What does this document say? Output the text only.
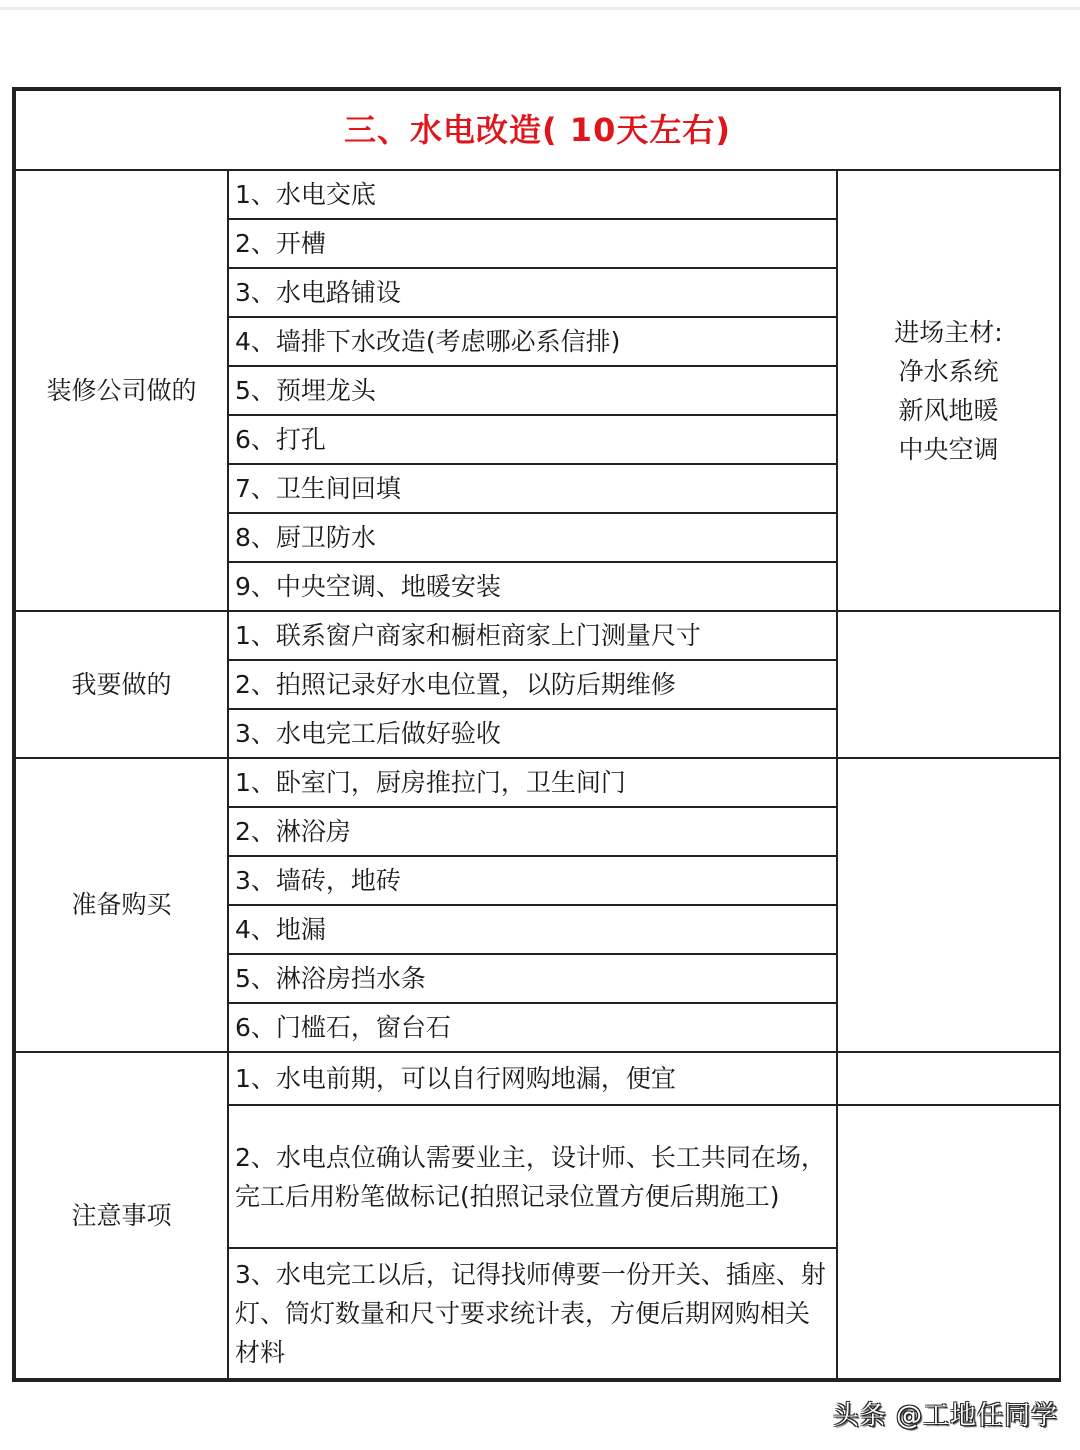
三、水电改造( 10天左右)		
装修公司做的	1、水电交底	进场主材:
净水系统
新风地暖
中央空调

	2、开槽	
	3、水电路铺设	
	4、墙排下水改造(考虑哪必系信排)	
	5、预埋龙头	
	6、打孔	
	7、卫生间回填	
	8、厨卫防水	
	9、中央空调、地暖安装	
我要做的	1、联系窗户商家和橱柜商家上门测量尺寸	
	2、拍照记录好水电位置，以防后期维修	
	3、水电完工后做好验收	
准备购买	1、卧室门，厨房推拉门，卫生间门	
	2、淋浴房	
	3、墙砖，地砖	
	4、地漏	
	5、淋浴房挡水条	
	6、门槛石，窗台石	
注意事项	1、水电前期，可以自行网购地漏，便宜	
	2、水电点位确认需要业主，设计师、长工共同在场，完工后用粉笔做标记(拍照记录位置方便后期施工)	
	3、水电完工以后，记得找师傅要一份开关、插座、射灯、筒灯数量和尺寸要求统计表，方便后期网购相关材料	
头条 @工地任同学
